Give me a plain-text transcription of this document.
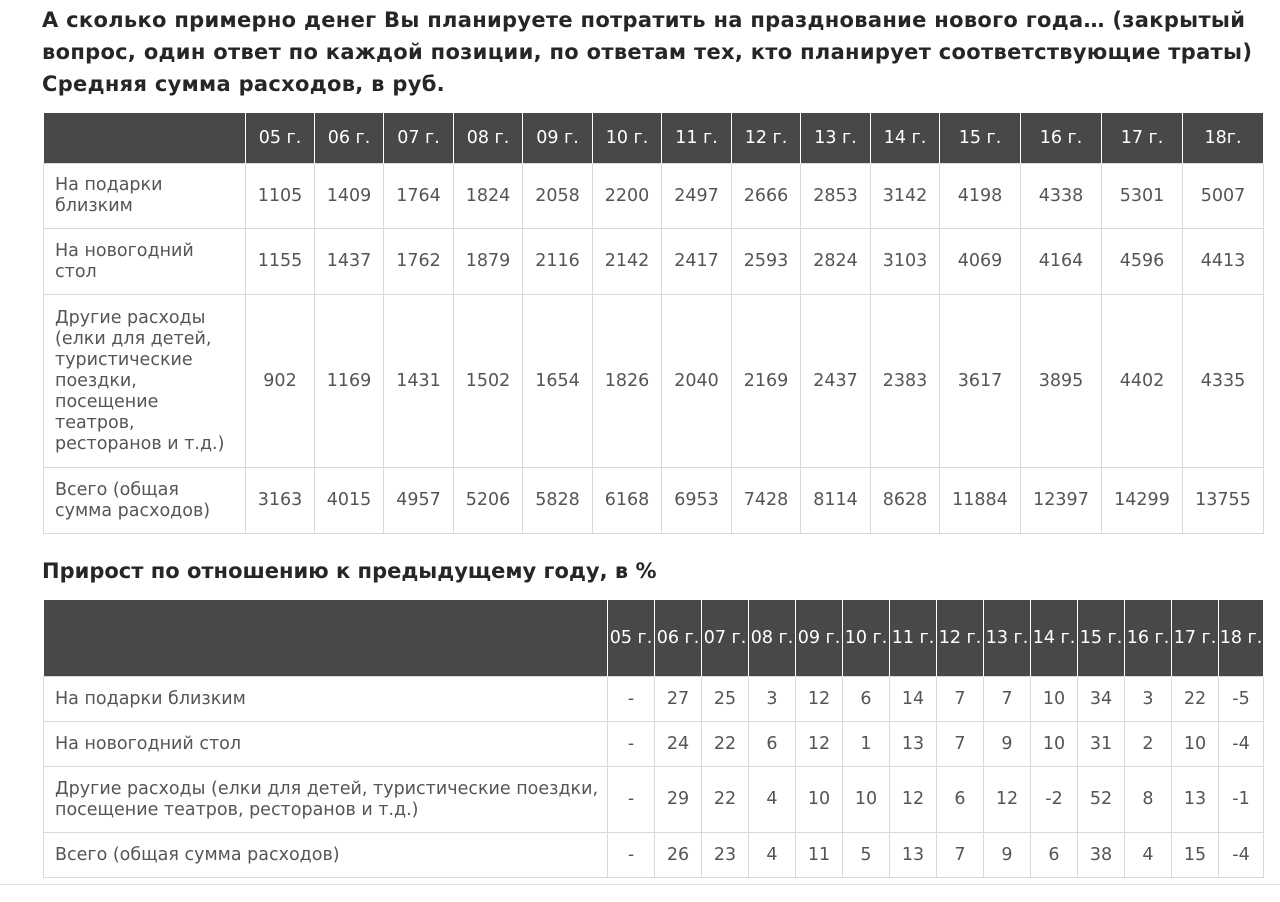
А сколько примерно денег Вы планируете потратить на празднование нового года… (закрытый
вопрос, один ответ по каждой позиции, по ответам тех, кто планирует соответствующие траты)
Средняя сумма расходов, в руб.
	05 г.	06 г.	07 г.	08 г.	09 г.	10 г.	11 г.	12 г.	13 г.	14 г.	15 г.	16 г.	17 г.	18г.
На подарки близким	1105	1409	1764	1824	2058	2200	2497	2666	2853	3142	4198	4338	5301	5007
На новогодний стол	1155	1437	1762	1879	2116	2142	2417	2593	2824	3103	4069	4164	4596	4413
Другие расходы (елки для детей, туристические поездки, посещение театров, ресторанов и т.д.)	902	1169	1431	1502	1654	1826	2040	2169	2437	2383	3617	3895	4402	4335
Всего (общая сумма расходов)	3163	4015	4957	5206	5828	6168	6953	7428	8114	8628	11884	12397	14299	13755
Прирост по отношению к предыдущему году, в %
	05 г.	06 г.	07 г.	08 г.	09 г.	10 г.	11 г.	12 г.	13 г.	14 г.	15 г.	16 г.	17 г.	18 г.
На подарки близким	-	27	25	3	12	6	14	7	7	10	34	3	22	-5
На новогодний стол	-	24	22	6	12	1	13	7	9	10	31	2	10	-4
Другие расходы (елки для детей, туристические поездки, посещение театров, ресторанов и т.д.)	-	29	22	4	10	10	12	6	12	-2	52	8	13	-1
Всего (общая сумма расходов)	-	26	23	4	11	5	13	7	9	6	38	4	15	-4
